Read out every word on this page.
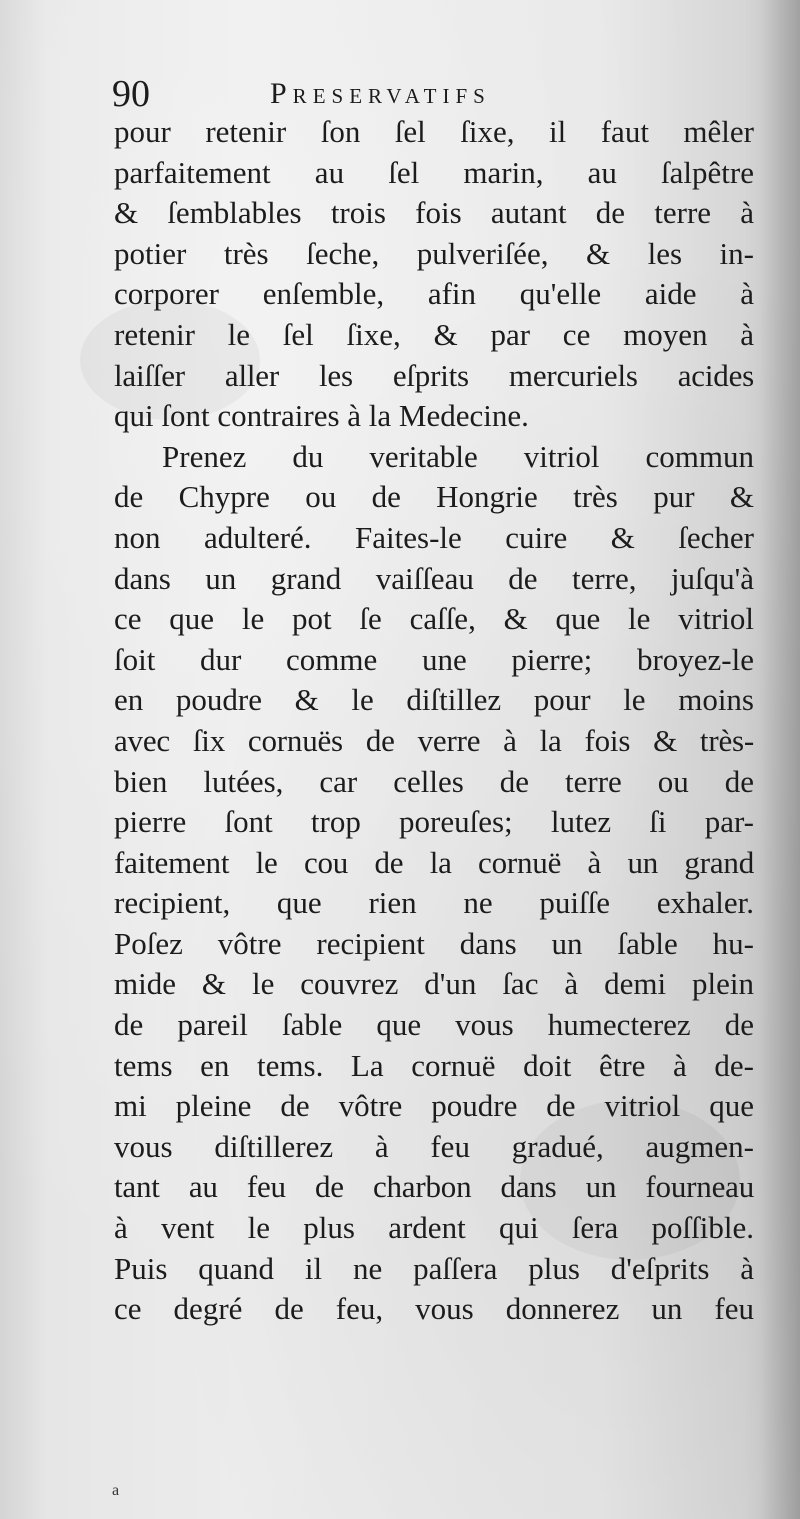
90	Preservatifs
pour retenir ſon ſel ſixe, il faut mêler
parfaitement au ſel marin, au ſalpêtre
& ſemblables trois fois autant de terre à
potier très ſeche, pulveriſée, & les in-
corporer enſemble, afin qu'elle aide à
retenir le ſel ſixe, & par ce moyen à
laiſſer aller les eſprits mercuriels acides
qui ſont contraires à la Medecine.
Prenez du veritable vitriol commun
de Chypre ou de Hongrie très pur &
non adulteré. Faites-le cuire & ſecher
dans un grand vaiſſeau de terre, juſqu'à
ce que le pot ſe caſſe, & que le vitriol
ſoit dur comme une pierre; broyez-le
en poudre & le diſtillez pour le moins
avec ſix cornuës de verre à la fois & très-
bien lutées, car celles de terre ou de
pierre ſont trop poreuſes; lutez ſi par-
faitement le cou de la cornuë à un grand
recipient, que rien ne puiſſe exhaler.
Poſez vôtre recipient dans un ſable hu-
mide & le couvrez d'un ſac à demi plein
de pareil ſable que vous humecterez de
tems en tems. La cornuë doit être à de-
mi pleine de vôtre poudre de vitriol que
vous diſtillerez à feu gradué, augmen-
tant au feu de charbon dans un fourneau
à vent le plus ardent qui ſera poſſible.
Puis quand il ne paſſera plus d'eſprits à
ce degré de feu, vous donnerez un feu
a
